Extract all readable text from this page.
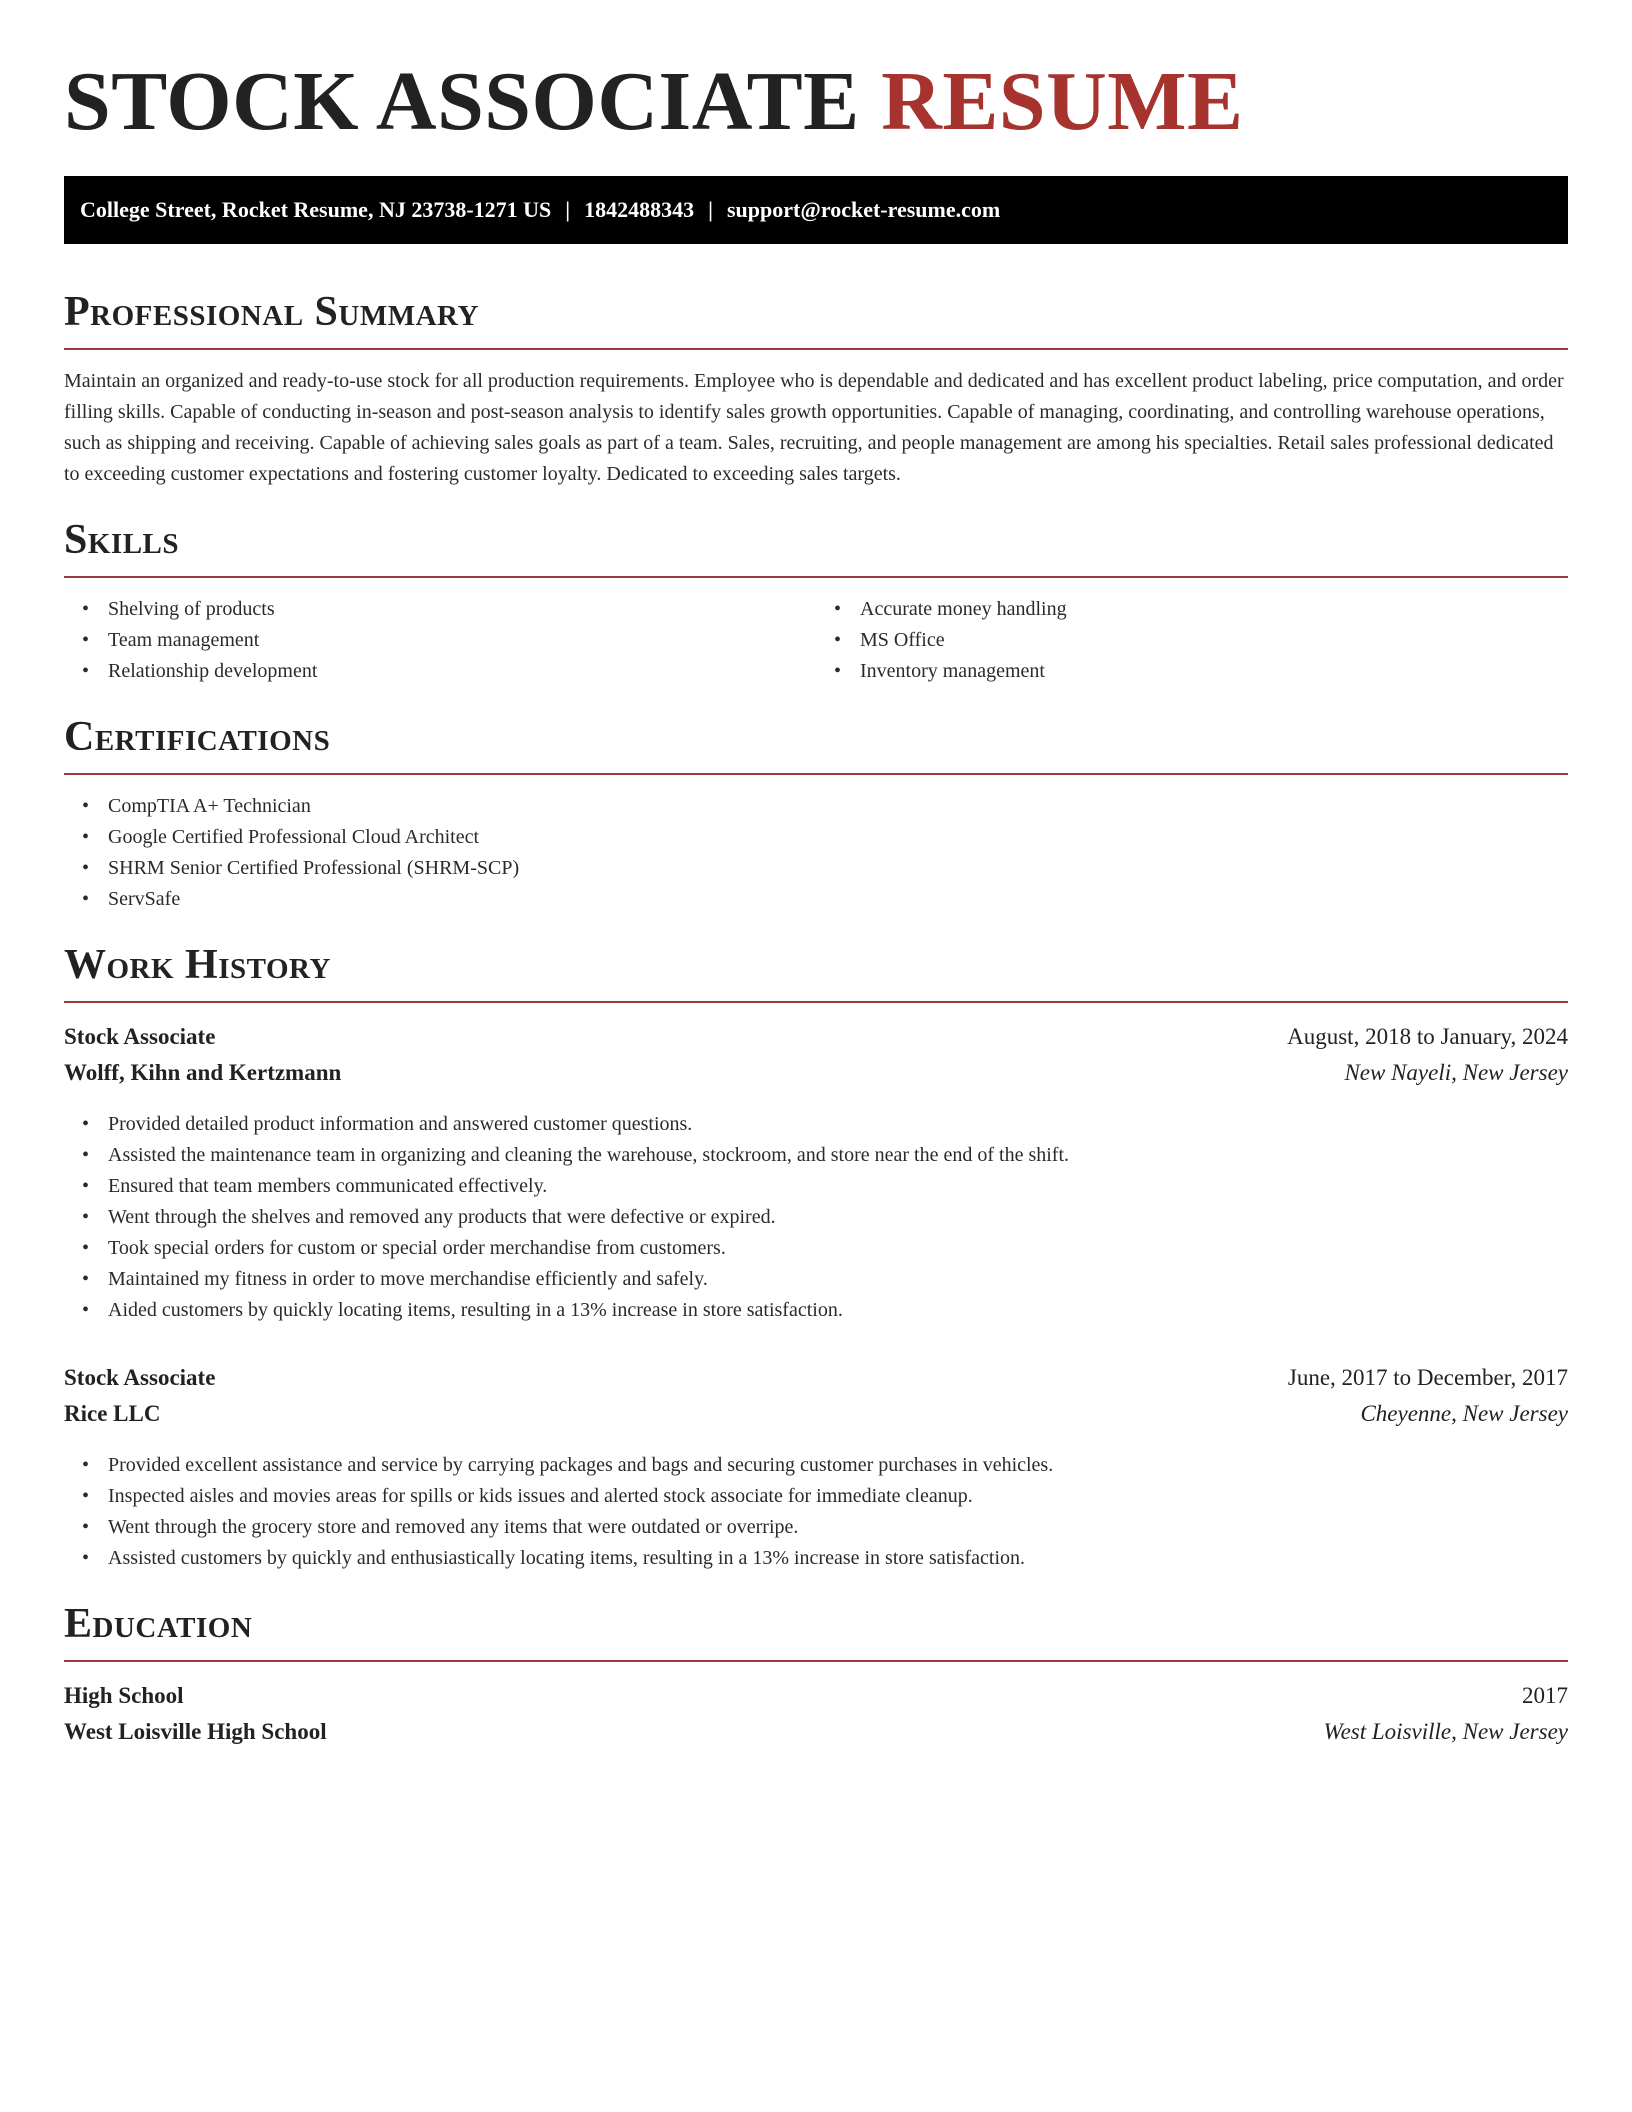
STOCK ASSOCIATE RESUME
College Street, Rocket Resume, NJ 23738-1271 US | 1842488343 | support@rocket-resume.com
Professional Summary

Maintain an organized and ready-to-use stock for all production requirements. Employee who is dependable and dedicated and has excellent product labeling, price computation, and order filling skills. Capable of conducting in-season and post-season analysis to identify sales growth opportunities. Capable of managing, coordinating, and controlling warehouse operations, such as shipping and receiving. Capable of achieving sales goals as part of a team. Sales, recruiting, and people management are among his specialties. Retail sales professional dedicated to exceeding customer expectations and fostering customer loyalty. Dedicated to exceeding sales targets.

Skills
• Shelving of products
• Team management
• Relationship development
• Accurate money handling
• MS Office
• Inventory management
Certifications
• CompTIA A+ Technician
• Google Certified Professional Cloud Architect
• SHRM Senior Certified Professional (SHRM-SCP)
• ServSafe
Work History
Stock Associate	August, 2018 to January, 2024
Wolff, Kihn and Kertzmann	New Nayeli, New Jersey
• Provided detailed product information and answered customer questions.
• Assisted the maintenance team in organizing and cleaning the warehouse, stockroom, and store near the end of the shift.
• Ensured that team members communicated effectively.
• Went through the shelves and removed any products that were defective or expired.
• Took special orders for custom or special order merchandise from customers.
• Maintained my fitness in order to move merchandise efficiently and safely.
• Aided customers by quickly locating items, resulting in a 13% increase in store satisfaction.
Stock Associate	June, 2017 to December, 2017
Rice LLC	Cheyenne, New Jersey
• Provided excellent assistance and service by carrying packages and bags and securing customer purchases in vehicles.
• Inspected aisles and movies areas for spills or kids issues and alerted stock associate for immediate cleanup.
• Went through the grocery store and removed any items that were outdated or overripe.
• Assisted customers by quickly and enthusiastically locating items, resulting in a 13% increase in store satisfaction.
Education
High School	2017
West Loisville High School	West Loisville, New Jersey
